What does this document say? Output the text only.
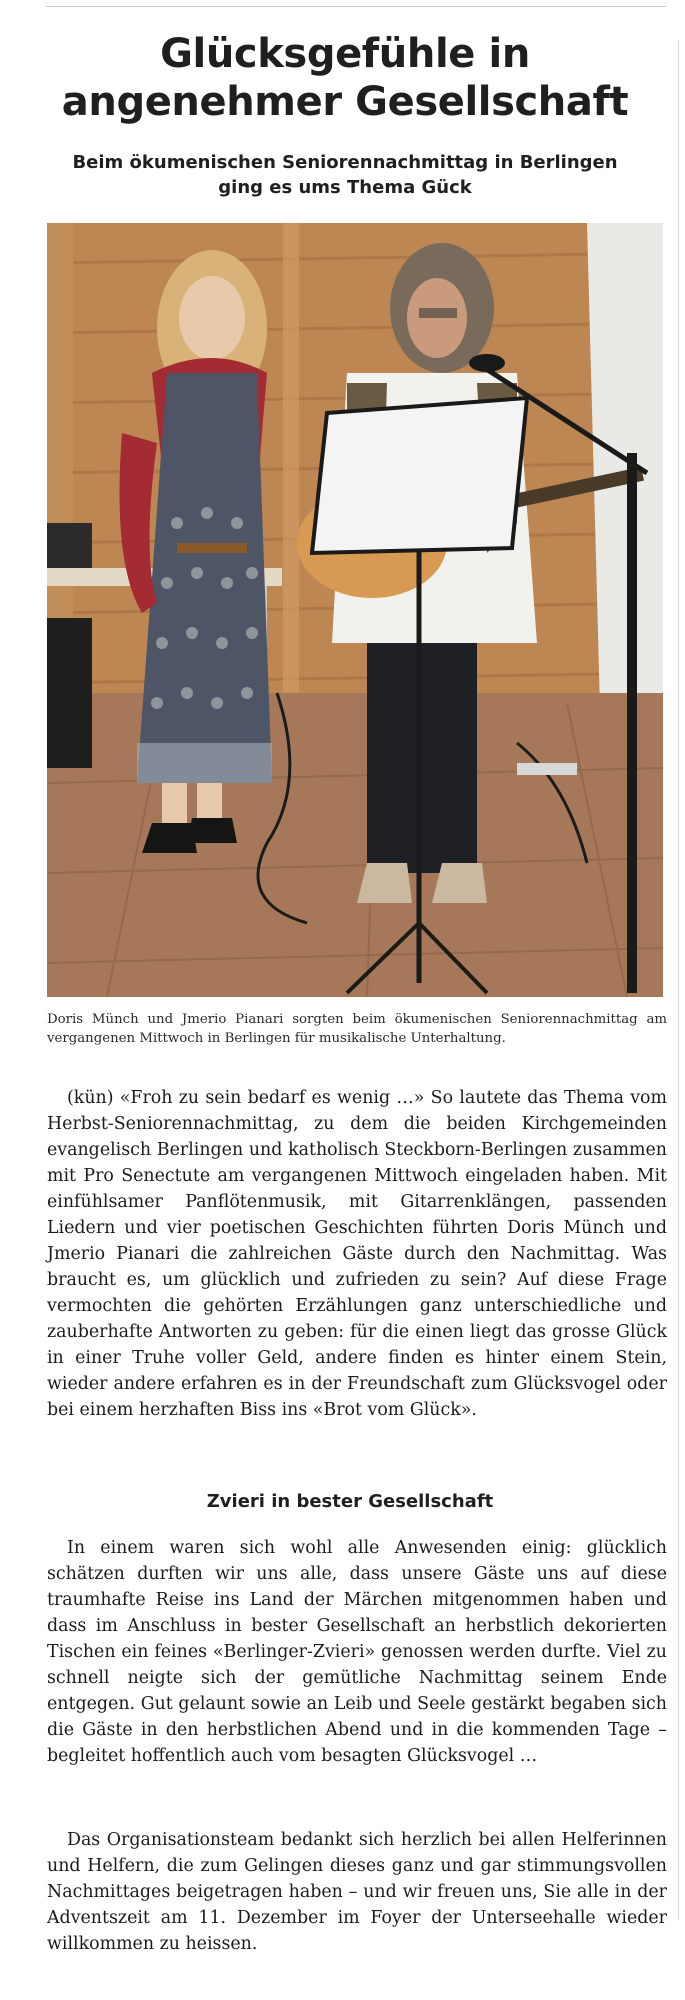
Glücksgefühle in
angenehmer Gesellschaft
Beim ökumenischen Seniorennachmittag in Berlingen
ging es ums Thema Gück

Doris Münch und Jmerio Pianari sorgten beim ökumenischen Seniorennachmittag am vergangenen Mittwoch in Berlingen für musikalische Unterhaltung.

(kün) «Froh zu sein bedarf es wenig …» So lautete das Thema vom Herbst-Seniorennachmittag, zu dem die beiden Kirchgemeinden evangelisch Berlingen und katholisch Steckborn-Berlingen zusammen mit Pro Senectute am vergangenen Mittwoch eingeladen haben. Mit einfühlsamer Panflötenmusik, mit Gitarrenklängen, passenden Liedern und vier poetischen Geschichten führten Doris Münch und Jmerio Pianari die zahlreichen Gäste durch den Nachmittag. Was braucht es, um glücklich und zufrieden zu sein? Auf diese Frage vermochten die gehörten Erzählungen ganz unterschiedliche und zauberhafte Antworten zu geben: für die einen liegt das grosse Glück in einer Truhe voller Geld, andere finden es hinter einem Stein, wieder andere erfahren es in der Freundschaft zum Glücksvogel oder bei einem herzhaften Biss ins «Brot vom Glück».

Zvieri in bester Gesellschaft

In einem waren sich wohl alle Anwesenden einig: glücklich schätzen durften wir uns alle, dass unsere Gäste uns auf diese traumhafte Reise ins Land der Märchen mitgenommen haben und dass im Anschluss in bester Gesellschaft an herbstlich dekorierten Tischen ein feines «Berlinger-Zvieri» genossen werden durfte. Viel zu schnell neigte sich der gemütliche Nachmittag seinem Ende entgegen. Gut gelaunt sowie an Leib und Seele gestärkt begaben sich die Gäste in den herbstlichen Abend und in die kommenden Tage – begleitet hoffentlich auch vom besagten Glücksvogel …

Das Organisationsteam bedankt sich herzlich bei allen Helferinnen und Helfern, die zum Gelingen dieses ganz und gar stimmungsvollen Nachmittages beigetragen haben – und wir freuen uns, Sie alle in der Adventszeit am 11. Dezember im Foyer der Unterseehalle wieder willkommen zu heissen.
